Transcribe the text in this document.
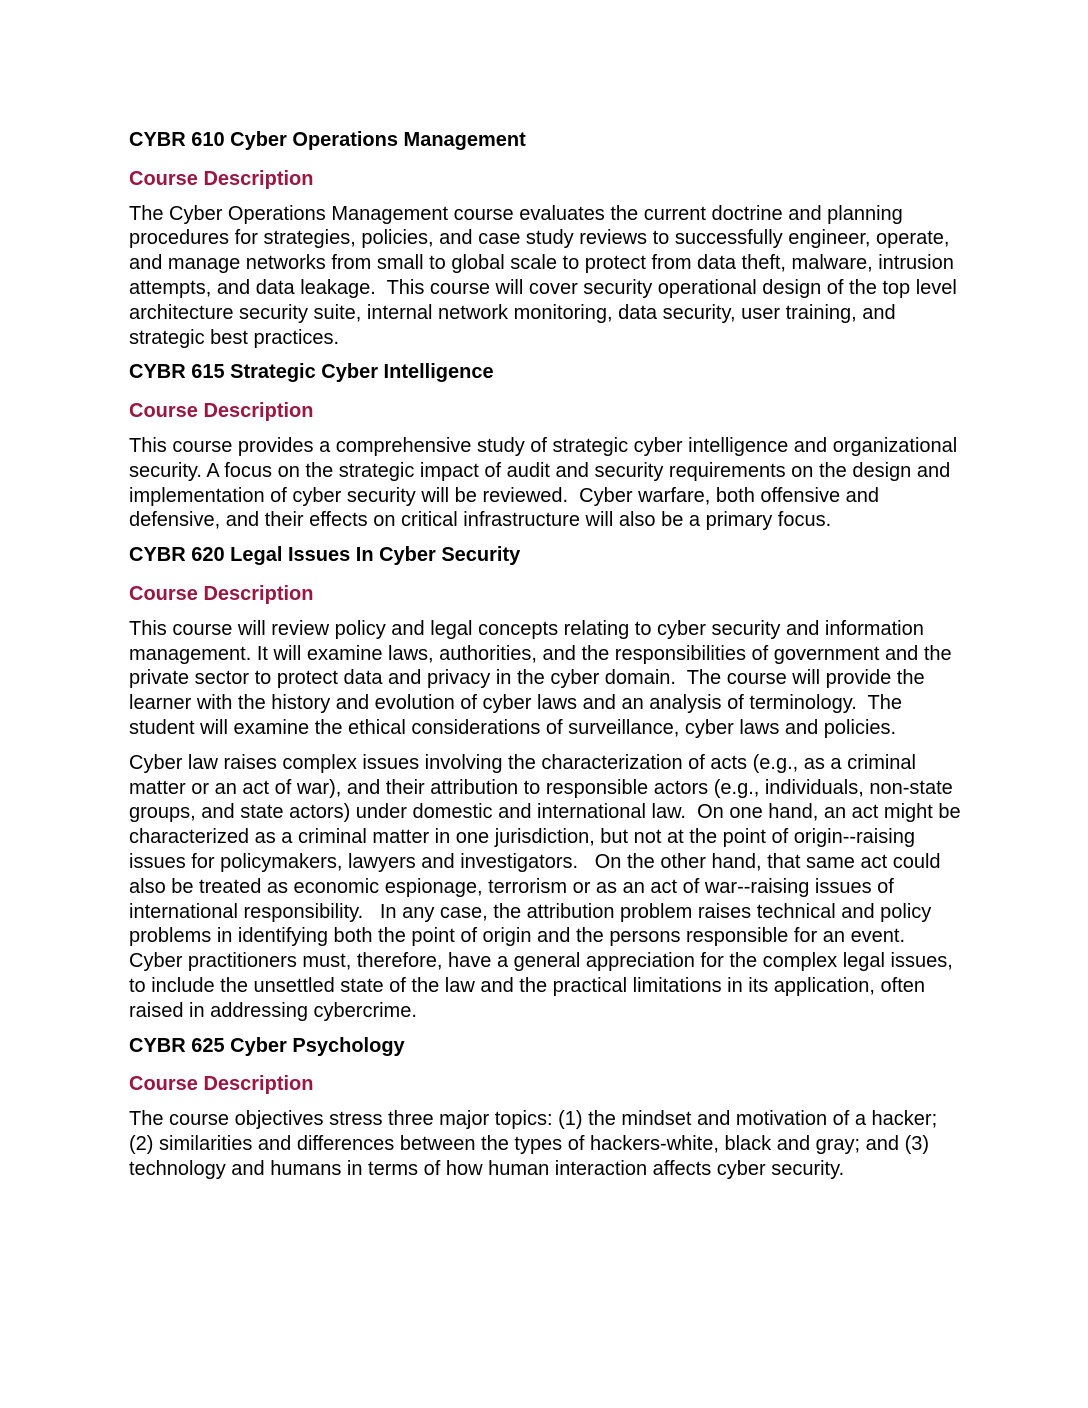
CYBR 610 Cyber Operations Management
Course Description

The Cyber Operations Management course evaluates the current doctrine and planning procedures for strategies, policies, and case study reviews to successfully engineer, operate, and manage networks from small to global scale to protect from data theft, malware, intrusion attempts, and data leakage.  This course will cover security operational design of the top level architecture security suite, internal network monitoring, data security, user training, and strategic best practices.

CYBR 615 Strategic Cyber Intelligence
Course Description

This course provides a comprehensive study of strategic cyber intelligence and organizational security. A focus on the strategic impact of audit and security requirements on the design and implementation of cyber security will be reviewed.  Cyber warfare, both offensive and defensive, and their effects on critical infrastructure will also be a primary focus.

CYBR 620 Legal Issues In Cyber Security
Course Description

This course will review policy and legal concepts relating to cyber security and information management. It will examine laws, authorities, and the responsibilities of government and the private sector to protect data and privacy in the cyber domain.  The course will provide the learner with the history and evolution of cyber laws and an analysis of terminology.  The student will examine the ethical considerations of surveillance, cyber laws and policies.

Cyber law raises complex issues involving the characterization of acts (e.g., as a criminal matter or an act of war), and their attribution to responsible actors (e.g., individuals, non-state groups, and state actors) under domestic and international law.  On one hand, an act might be characterized as a criminal matter in one jurisdiction, but not at the point of origin--raising issues for policymakers, lawyers and investigators.   On the other hand, that same act could also be treated as economic espionage, terrorism or as an act of war--raising issues of international responsibility.   In any case, the attribution problem raises technical and policy problems in identifying both the point of origin and the persons responsible for an event.  Cyber practitioners must, therefore, have a general appreciation for the complex legal issues, to include the unsettled state of the law and the practical limitations in its application, often raised in addressing cybercrime.

CYBR 625 Cyber Psychology
Course Description

The course objectives stress three major topics: (1) the mindset and motivation of a hacker; (2) similarities and differences between the types of hackers-white, black and gray; and (3) technology and humans in terms of how human interaction affects cyber security.
